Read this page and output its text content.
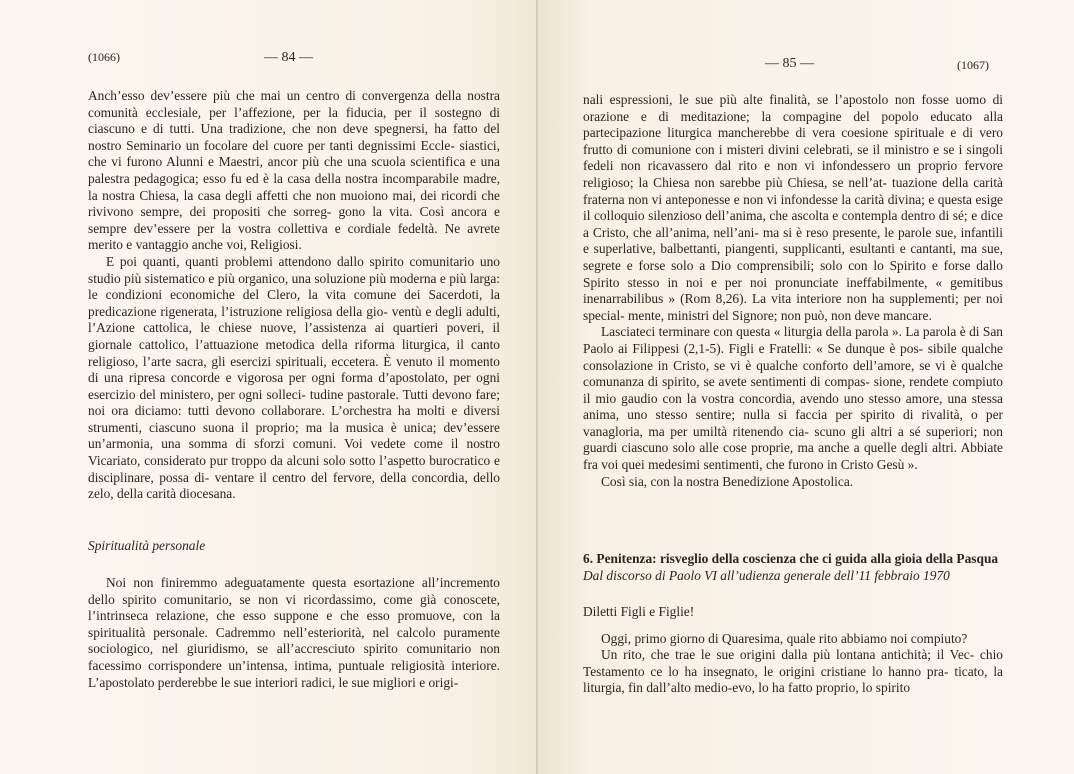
(1066)	— 84 —

Anch’esso dev’essere più che mai un centro di convergenza della nostra comunità ecclesiale, per l’affezione, per la fiducia, per il sostegno di ciascuno e di tutti. Una tradizione, che non deve spegnersi, ha fatto del nostro Seminario un focolare del cuore per tanti degnissimi Eccle- siastici, che vi furono Alunni e Maestri, ancor più che una scuola scientifica e una palestra pedagogica; esso fu ed è la casa della nostra incomparabile madre, la nostra Chiesa, la casa degli affetti che non muoiono mai, dei ricordi che rivivono sempre, dei propositi che sorreg- gono la vita. Così ancora e sempre dev’essere per la vostra collettiva e cordiale fedeltà. Ne avrete merito e vantaggio anche voi, Religiosi.

E poi quanti, quanti problemi attendono dallo spirito comunitario uno studio più sistematico e più organico, una soluzione più moderna e più larga: le condizioni economiche del Clero, la vita comune dei Sacerdoti, la predicazione rigenerata, l’istruzione religiosa della gio- ventù e degli adulti, l’Azione cattolica, le chiese nuove, l’assistenza ai quartieri poveri, il giornale cattolico, l’attuazione metodica della riforma liturgica, il canto religioso, l’arte sacra, gli esercizi spirituali, eccetera. È venuto il momento di una ripresa concorde e vigorosa per ogni forma d’apostolato, per ogni esercizio del ministero, per ogni solleci- tudine pastorale. Tutti devono fare; noi ora diciamo: tutti devono collaborare. L’orchestra ha molti e diversi strumenti, ciascuno suona il proprio; ma la musica è unica; dev’essere un’armonia, una somma di sforzi comuni. Voi vedete come il nostro Vicariato, considerato pur troppo da alcuni solo sotto l’aspetto burocratico e disciplinare, possa di- ventare il centro del fervore, della concordia, dello zelo, della carità diocesana.

Spiritualità personale

Noi non finiremmo adeguatamente questa esortazione all’incremento dello spirito comunitario, se non vi ricordassimo, come già conoscete, l’intrinseca relazione, che esso suppone e che esso promuove, con la spiritualità personale. Cadremmo nell’esteriorità, nel calcolo puramente sociologico, nel giuridismo, se all’accresciuto spirito comunitario non facessimo corrispondere un’intensa, intima, puntuale religiosità interiore. L’apostolato perderebbe le sue interiori radici, le sue migliori e origi-

— 85 —	(1067)

nali espressioni, le sue più alte finalità, se l’apostolo non fosse uomo di orazione e di meditazione; la compagine del popolo educato alla partecipazione liturgica mancherebbe di vera coesione spirituale e di vero frutto di comunione con i misteri divini celebrati, se il ministro e se i singoli fedeli non ricavassero dal rito e non vi infondessero un proprio fervore religioso; la Chiesa non sarebbe più Chiesa, se nell’at- tuazione della carità fraterna non vi anteponesse e non vi infondesse la carità divina; e questa esige il colloquio silenzioso dell’anima, che ascolta e contempla dentro di sé; e dice a Cristo, che all’anima, nell’ani- ma si è reso presente, le parole sue, infantili e superlative, balbettanti, piangenti, supplicanti, esultanti e cantanti, ma sue, segrete e forse solo a Dio comprensibili; solo con lo Spirito e forse dallo Spirito stesso in noi e per noi pronunciate ineffabilmente, « gemitibus inenarrabilibus » (Rom 8,26). La vita interiore non ha supplementi; per noi special- mente, ministri del Signore; non può, non deve mancare.

Lasciateci terminare con questa « liturgia della parola ». La parola è di San Paolo ai Filippesi (2,1-5). Figli e Fratelli: « Se dunque è pos- sibile qualche consolazione in Cristo, se vi è qualche conforto dell’amore, se vi è qualche comunanza di spirito, se avete sentimenti di compas- sione, rendete compiuto il mio gaudio con la vostra concordia, avendo uno stesso amore, una stessa anima, uno stesso sentire; nulla si faccia per spirito di rivalità, o per vanagloria, ma per umiltà ritenendo cia- scuno gli altri a sé superiori; non guardi ciascuno solo alle cose proprie, ma anche a quelle degli altri. Abbiate fra voi quei medesimi sentimenti, che furono in Cristo Gesù ».

Così sia, con la nostra Benedizione Apostolica.

6. Penitenza: risveglio della coscienza che ci guida alla gioia della Pasqua
Dal discorso di Paolo VI all’udienza generale dell’11 febbraio 1970

Diletti Figli e Figlie!

Oggi, primo giorno di Quaresima, quale rito abbiamo noi compiuto?

Un rito, che trae le sue origini dalla più lontana antichità; il Vec- chio Testamento ce lo ha insegnato, le origini cristiane lo hanno pra- ticato, la liturgia, fin dall’alto medio-evo, lo ha fatto proprio, lo spirito
